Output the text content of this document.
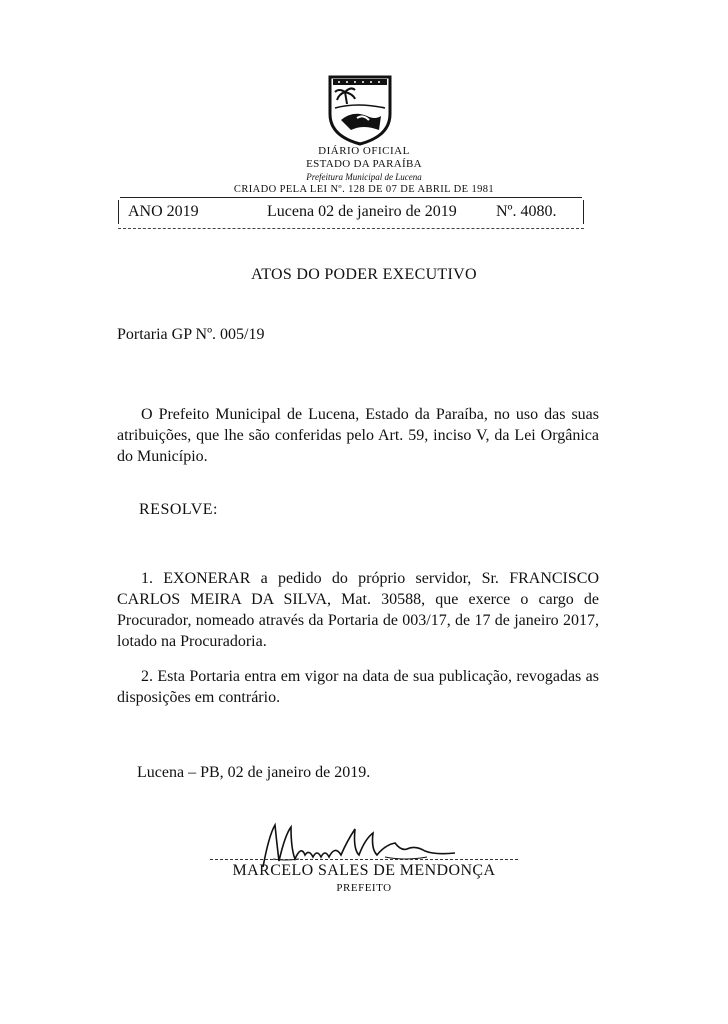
DIÁRIO OFICIAL
ESTADO DA PARAÍBA
Prefeitura Municipal de Lucena
CRIADO PELA LEI Nº. 128 DE 07 DE ABRIL DE 1981
ANO 2019	Lucena 02 de janeiro de 2019 Nº. 4080.
ATOS DO PODER EXECUTIVO
Portaria GP Nº. 005/19
O Prefeito Municipal de Lucena, Estado da Paraíba, no uso das suas atribuições, que lhe são conferidas pelo Art. 59, inciso V, da Lei Orgânica do Município.
RESOLVE:
1. EXONERAR a pedido do próprio servidor, Sr. FRANCISCO CARLOS MEIRA DA SILVA, Mat. 30588, que exerce o cargo de Procurador, nomeado através da Portaria de 003/17, de 17 de janeiro 2017, lotado na Procuradoria.
2. Esta Portaria entra em vigor na data de sua publicação, revogadas as disposições em contrário.
Lucena – PB, 02 de janeiro de 2019.
MARCELO SALES DE MENDONÇA
PREFEITO
